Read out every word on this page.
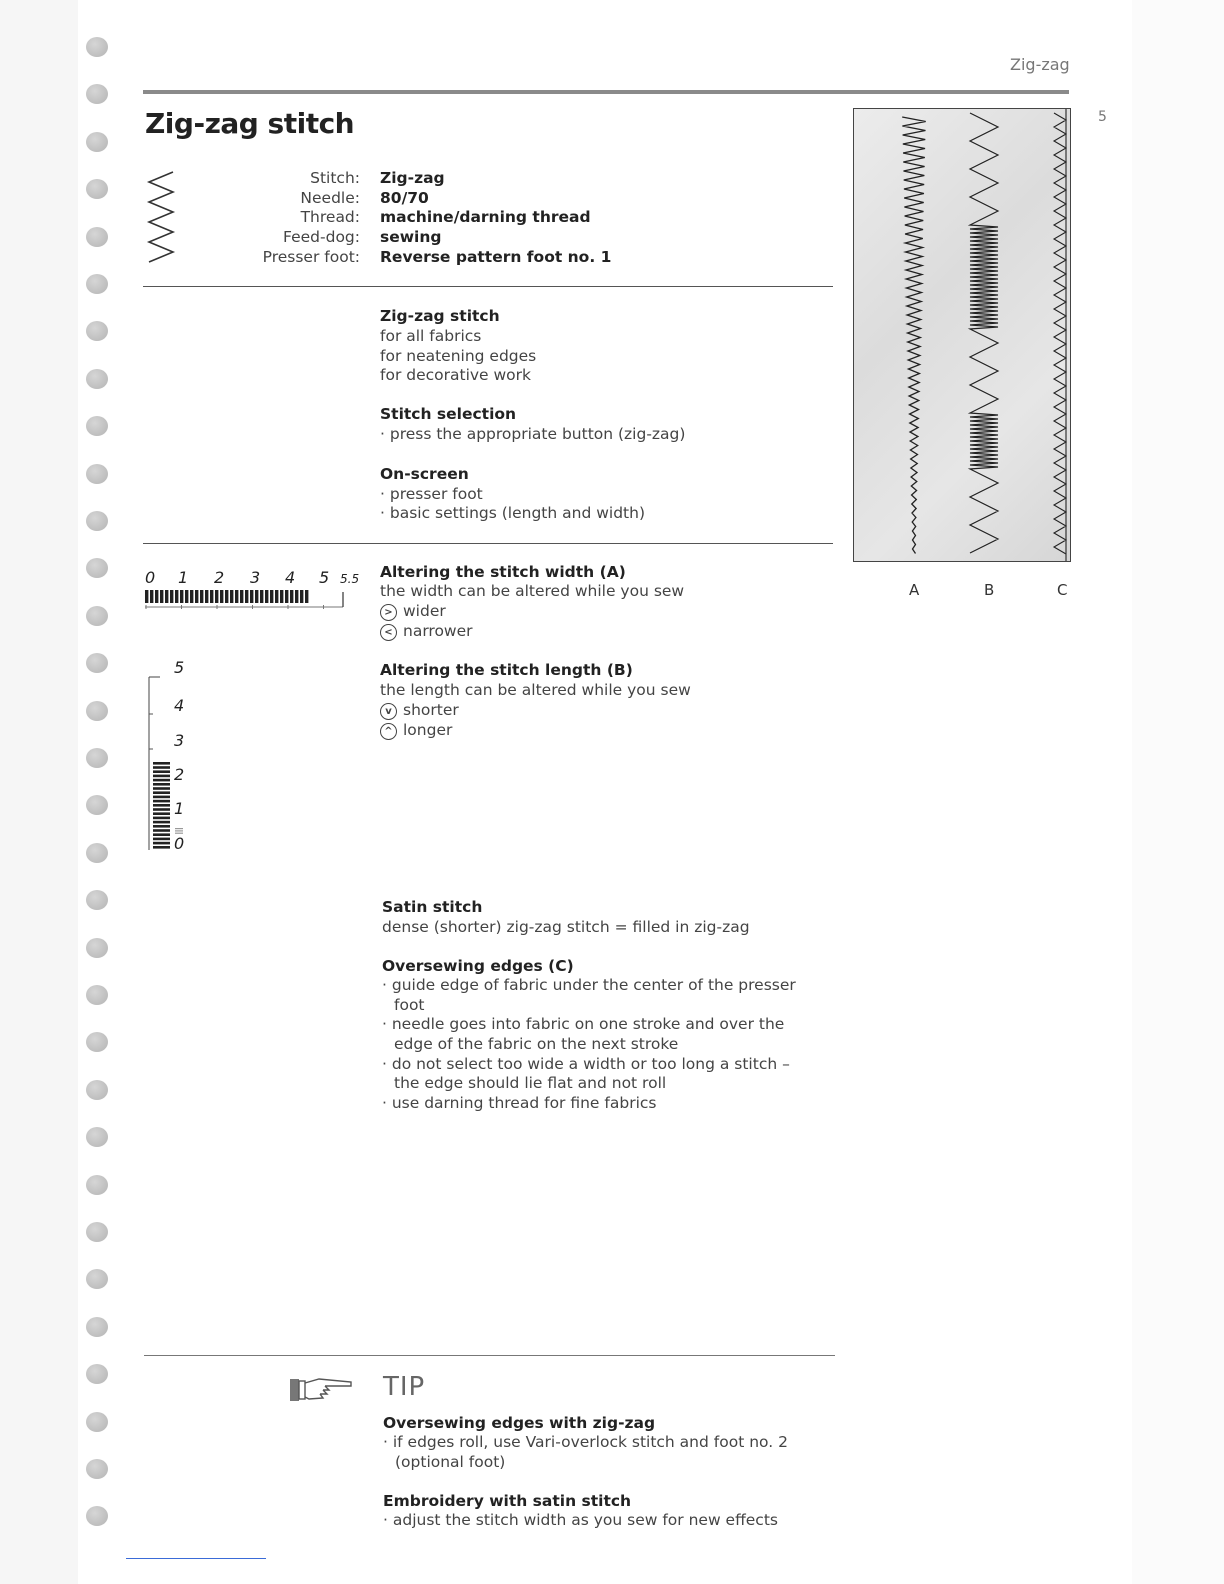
Zig-zag
5
Zig-zag stitch
Stitch:
Needle:
Thread:
Feed-dog:
Presser foot:
Zig-zag
80/70
machine/darning thread
sewing
Reverse pattern foot no. 1
Zig-zag stitch
for all fabrics
for neatening edges
for decorative work
Stitch selection
· press the appropriate button (zig-zag)
On-screen
· presser foot
· basic settings (length and width)
0 1 2 3 4 5 5.5
5
4
3
2
1
0
Altering the stitch width (A)
the width can be altered while you sew
> wider
< narrower
Altering the stitch length (B)
the length can be altered while you sew
v shorter
^ longer
Satin stitch
dense (shorter) zig-zag stitch = filled in zig-zag
Oversewing edges (C)
· guide edge of fabric under the center of the presser
foot
· needle goes into fabric on one stroke and over the
edge of the fabric on the next stroke
· do not select too wide a width or too long a stitch –
the edge should lie flat and not roll
· use darning thread for fine fabrics
A	B	C
TIP
Oversewing edges with zig-zag
· if edges roll, use Vari-overlock stitch and foot no. 2
(optional foot)
Embroidery with satin stitch
· adjust the stitch width as you sew for new effects
